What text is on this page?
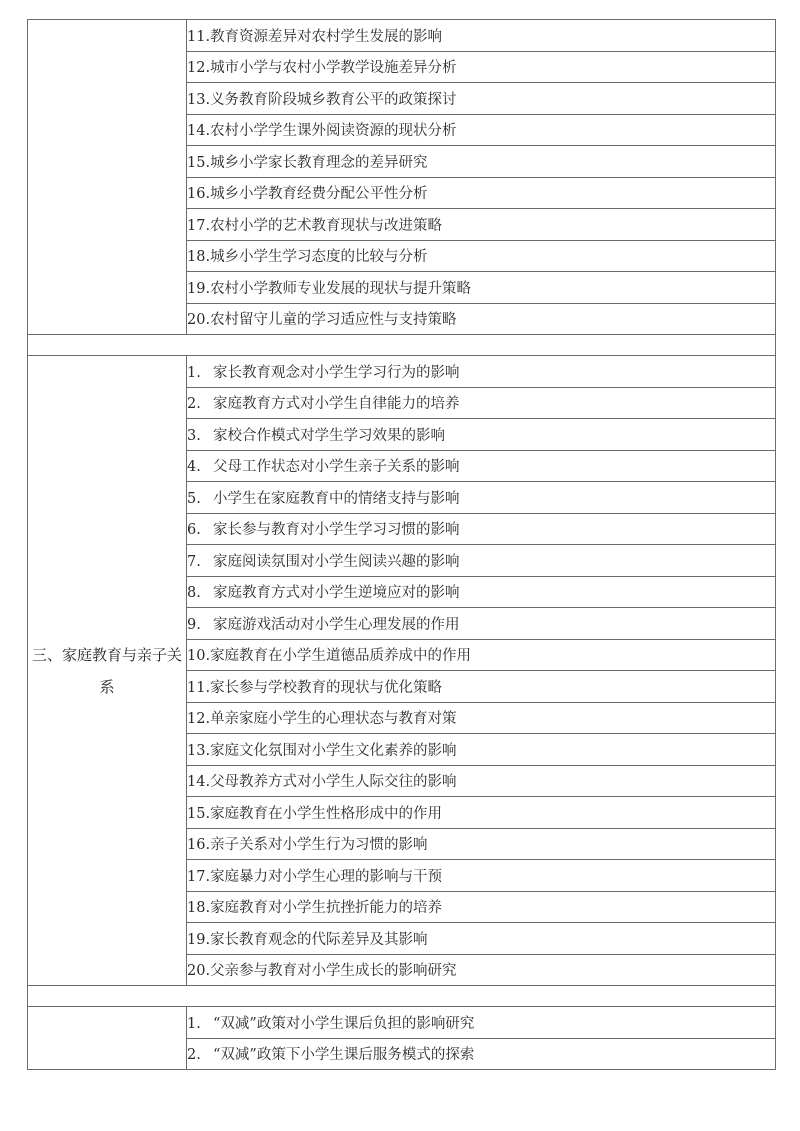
	11.教育资源差异对农村学生发展的影响
	12.城市小学与农村小学教学设施差异分析
	13.义务教育阶段城乡教育公平的政策探讨
	14.农村小学学生课外阅读资源的现状分析
	15.城乡小学家长教育理念的差异研究
	16.城乡小学教育经费分配公平性分析
	17.农村小学的艺术教育现状与改进策略
	18.城乡小学生学习态度的比较与分析
	19.农村小学教师专业发展的现状与提升策略
	20.农村留守儿童的学习适应性与支持策略

三、家庭教育与亲子关系	1. 家长教育观念对小学生学习行为的影响
	2. 家庭教育方式对小学生自律能力的培养
	3. 家校合作模式对学生学习效果的影响
	4. 父母工作状态对小学生亲子关系的影响
	5. 小学生在家庭教育中的情绪支持与影响
	6. 家长参与教育对小学生学习习惯的影响
	7. 家庭阅读氛围对小学生阅读兴趣的影响
	8. 家庭教育方式对小学生逆境应对的影响
	9. 家庭游戏活动对小学生心理发展的作用
	10.家庭教育在小学生道德品质养成中的作用
	11.家长参与学校教育的现状与优化策略
	12.单亲家庭小学生的心理状态与教育对策
	13.家庭文化氛围对小学生文化素养的影响
	14.父母教养方式对小学生人际交往的影响
	15.家庭教育在小学生性格形成中的作用
	16.亲子关系对小学生行为习惯的影响
	17.家庭暴力对小学生心理的影响与干预
	18.家庭教育对小学生抗挫折能力的培养
	19.家长教育观念的代际差异及其影响
	20.父亲参与教育对小学生成长的影响研究

	1. “双减”政策对小学生课后负担的影响研究
	2. “双减”政策下小学生课后服务模式的探索
